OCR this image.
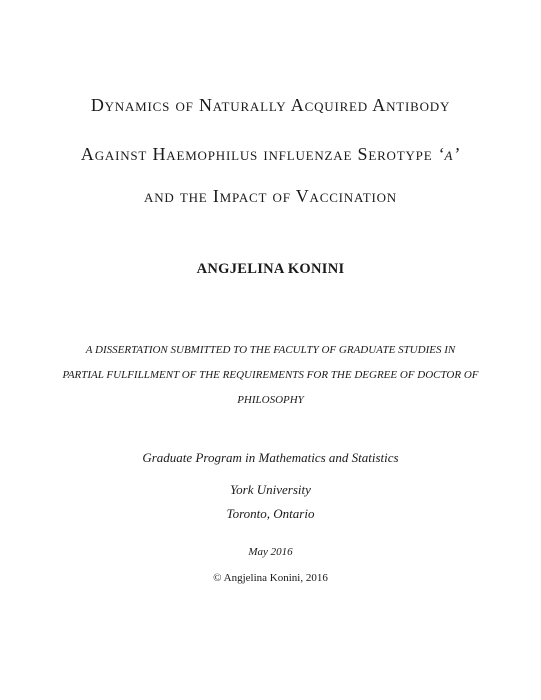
Dynamics of Naturally Acquired Antibody
Against Haemophilus influenzae Serotype ‘a’
and the Impact of Vaccination
ANGJELINA KONINI
A DISSERTATION SUBMITTED TO THE FACULTY OF GRADUATE STUDIES IN
PARTIAL FULFILLMENT OF THE REQUIREMENTS FOR THE DEGREE OF DOCTOR OF
PHILOSOPHY
Graduate Program in Mathematics and Statistics
York University
Toronto, Ontario
May 2016
© Angjelina Konini, 2016
